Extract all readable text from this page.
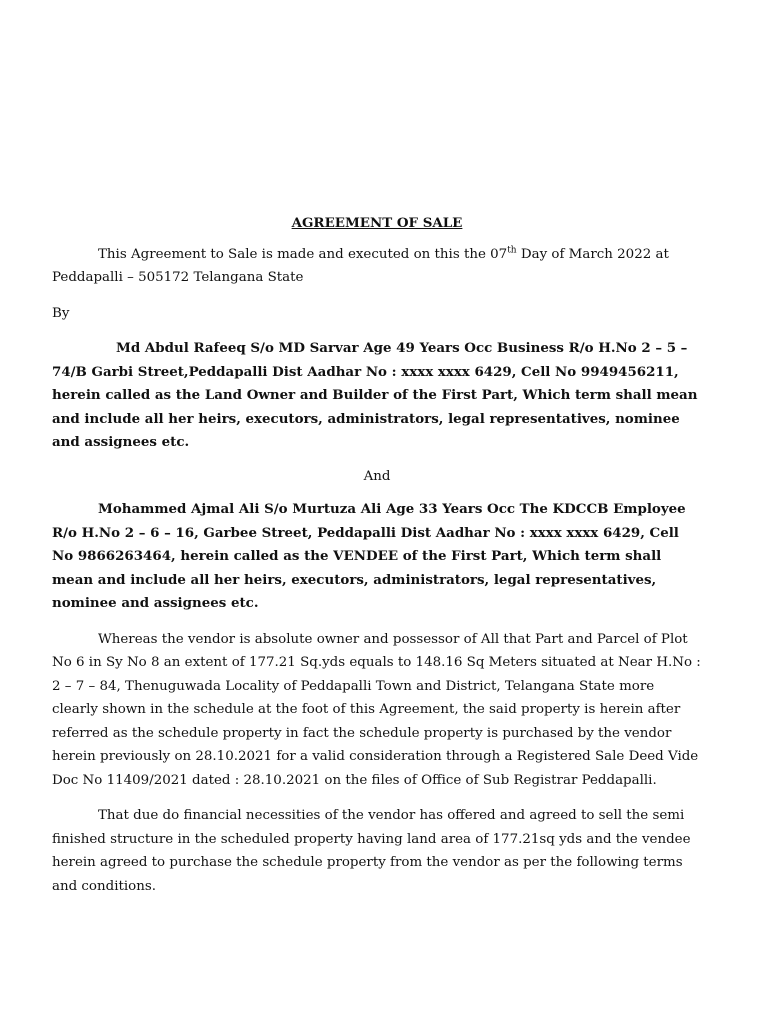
AGREEMENT OF SALE

This Agreement to Sale is made and executed on this the 07th Day of March 2022 at Peddapalli – 505172 Telangana State

By

Md Abdul Rafeeq S/o MD Sarvar Age 49 Years Occ Business R/o H.No 2 – 5 – 74/B Garbi Street,Peddapalli Dist Aadhar No : xxxx xxxx 6429, Cell No 9949456211, herein called as the Land Owner and Builder of the First Part, Which term shall mean and include all her heirs, executors, administrators, legal representatives, nominee and assignees etc.

And

Mohammed Ajmal Ali S/o Murtuza Ali Age 33 Years Occ The KDCCB Employee R/o H.No 2 – 6 – 16, Garbee Street, Peddapalli Dist Aadhar No : xxxx xxxx 6429, Cell No 9866263464, herein called as the VENDEE of the First Part, Which term shall mean and include all her heirs, executors, administrators, legal representatives, nominee and assignees etc.

Whereas the vendor is absolute owner and possessor of All that Part and Parcel of Plot No 6 in Sy No 8 an extent of 177.21 Sq.yds equals to 148.16 Sq Meters situated at Near H.No : 2 – 7 – 84, Thenuguwada Locality of Peddapalli Town and District, Telangana State more clearly shown in the schedule at the foot of this Agreement, the said property is herein after referred as the schedule property in fact the schedule property is purchased by the vendor herein previously on 28.10.2021 for a valid consideration through a Registered Sale Deed Vide Doc No 11409/2021 dated : 28.10.2021 on the files of Office of Sub Registrar Peddapalli.

That due do financial necessities of the vendor has offered and agreed to sell the semi finished structure in the scheduled property having land area of 177.21sq yds and the vendee herein agreed to purchase the schedule property from the vendor as per the following terms and conditions.
